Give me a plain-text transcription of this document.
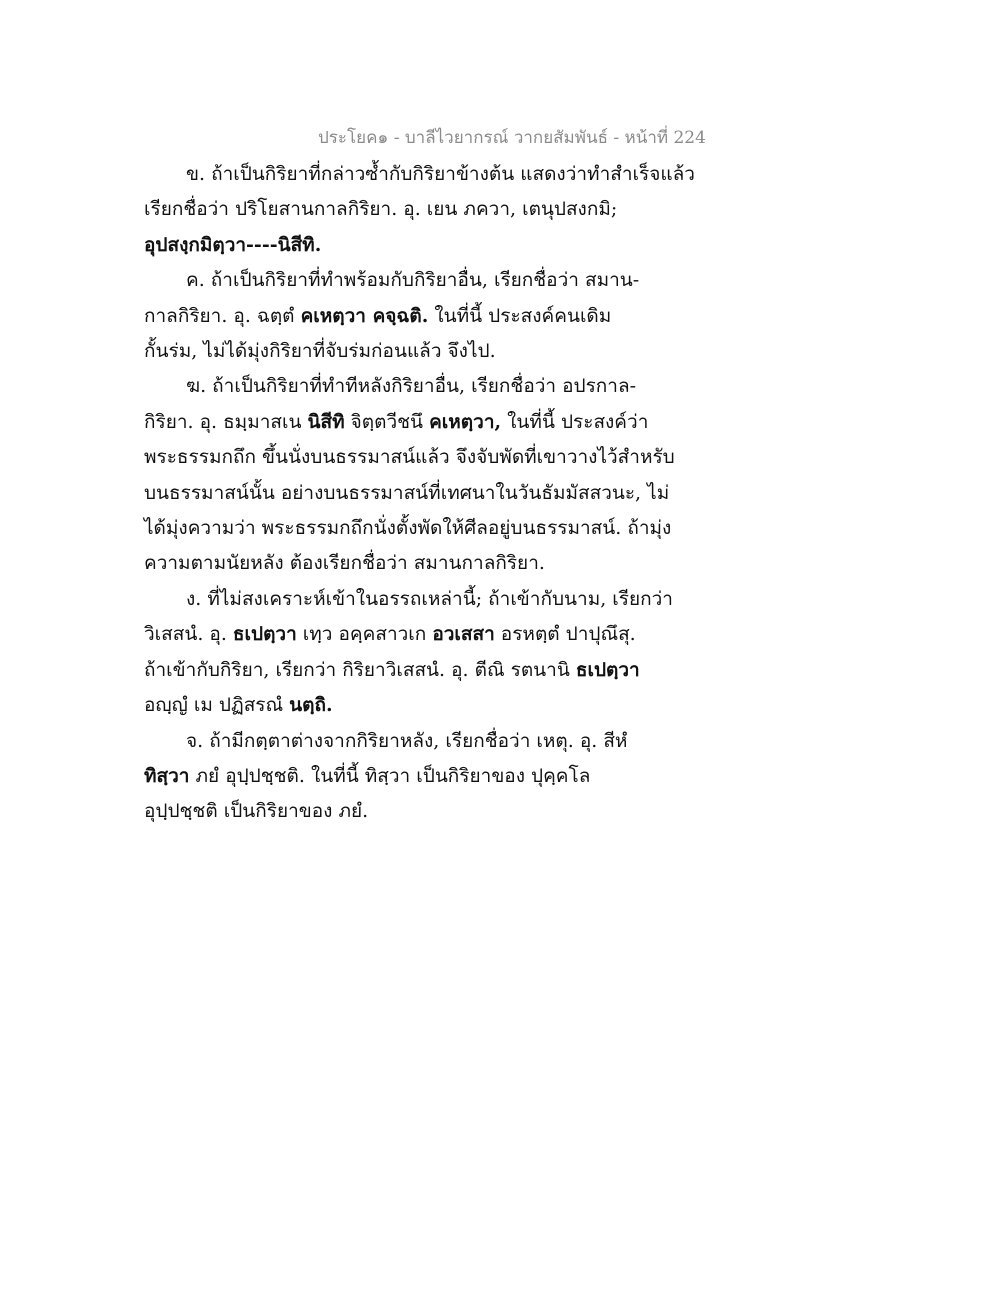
ประโยค๑ - บาลีไวยากรณ์ วากยสัมพันธ์ - หน้าที่ 224

ข. ถ้าเป็นกิริยาที่กล่าวซ้ำกับกิริยาข้างต้น แสดงว่าทำสำเร็จแล้ว
เรียกชื่อว่า ปริโยสานกาลกิริยา. อุ. เยน ภควา, เตนุปสงกมิ;
อุปสงฺกมิตฺวา----นิสีทิ.

ค. ถ้าเป็นกิริยาที่ทำพร้อมกับกิริยาอื่น, เรียกชื่อว่า สมาน-
กาลกิริยา. อุ. ฉตฺตํ คเหตฺวา คจฺฉติ. ในที่นี้ ประสงค์คนเดิม
กั้นร่ม, ไม่ได้มุ่งกิริยาที่จับร่มก่อนแล้ว จึงไป.

ฆ. ถ้าเป็นกิริยาที่ทำทีหลังกิริยาอื่น, เรียกชื่อว่า อปรกาล-
กิริยา. อุ. ธมฺมาสเน นิสีทิ จิตฺตวีชนึ คเหตฺวา, ในที่นี้ ประสงค์ว่า
พระธรรมกถึก ขึ้นนั่งบนธรรมาสน์แล้ว จึงจับพัดที่เขาวางไว้สำหรับ
บนธรรมาสน์นั้น อย่างบนธรรมาสน์ที่เทศนาในวันธัมมัสสวนะ, ไม่
ได้มุ่งความว่า พระธรรมกถึกนั่งตั้งพัดให้ศีลอยู่บนธรรมาสน์. ถ้ามุ่ง
ความตามนัยหลัง ต้องเรียกชื่อว่า สมานกาลกิริยา.

ง. ที่ไม่สงเคราะห์เข้าในอรรถเหล่านี้; ถ้าเข้ากับนาม, เรียกว่า
วิเสสนํ. อุ. ธเปตฺวา เทฺว อคฺคสาวเก อวเสสา อรหตฺตํ ปาปุณึสุ.
ถ้าเข้ากับกิริยา, เรียกว่า กิริยาวิเสสนํ. อุ. ตีณิ รตนานิ ธเปตฺวา
อญฺญํ เม ปฏิสรณํ นตฺถิ.

จ. ถ้ามีกตฺตาต่างจากกิริยาหลัง, เรียกชื่อว่า เหตุ. อุ. สีหํ
ทิสฺวา ภยํ อุปฺปชฺชติ. ในที่นี้ ทิสฺวา เป็นกิริยาของ ปุคฺคโล
อุปฺปชฺชติ เป็นกิริยาของ ภยํ.
